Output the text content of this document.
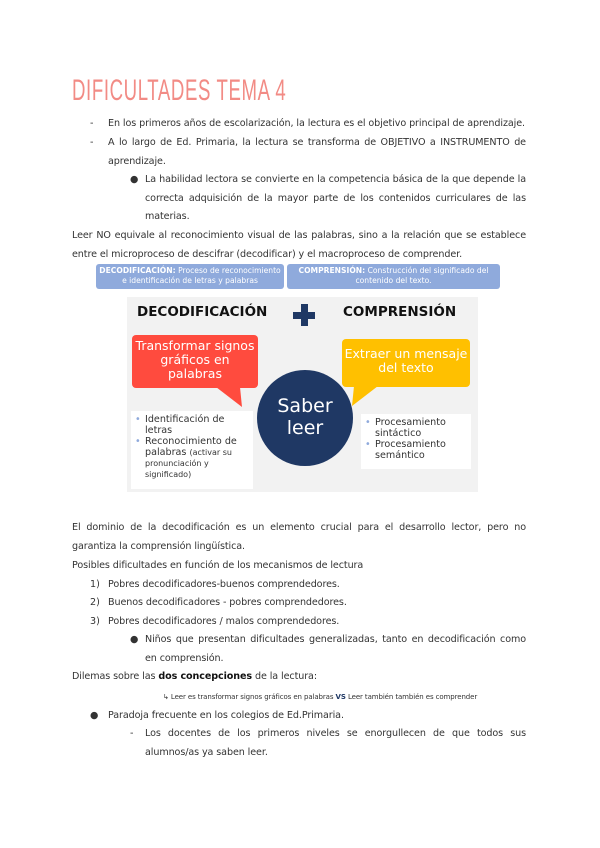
DIFICULTADES TEMA 4
- En los primeros años de escolarización, la lectura es el objetivo principal de aprendizaje.
- A lo largo de Ed. Primaria, la lectura se transforma de OBJETIVO a INSTRUMENTO de aprendizaje.
● La habilidad lectora se convierte en la competencia básica de la que depende la correcta adquisición de la mayor parte de los contenidos curriculares de las materias.
Leer NO equivale al reconocimiento visual de las palabras, sino a la relación que se establece entre el microproceso de descifrar (decodificar) y el macroproceso de comprender.
DECODIFICACIÓN: Proceso de reconocimiento e identificación de letras y palabras
COMPRENSIÓN: Construcción del significado del contenido del texto.
DECODIFICACIÓN	COMPRENSIÓN
Transformar signos gráficos en palabras
Extraer un mensaje del texto
• Identificación de letras
• Reconocimiento de palabras (activar su pronunciación y significado)
• Procesamiento sintáctico
• Procesamiento semántico
Saber leer
El dominio de la decodificación es un elemento crucial para el desarrollo lector, pero no garantiza la comprensión lingüística.
Posibles dificultades en función de los mecanismos de lectura
1) Pobres decodificadores-buenos comprendedores.
2) Buenos decodificadores - pobres comprendedores.
3) Pobres decodificadores / malos comprendedores.
● Niños que presentan dificultades generalizadas, tanto en decodificación como en comprensión.
Dilemas sobre las dos concepciones de la lectura:
↳ Leer es transformar signos gráficos en palabras VS Leer también también es comprender
● Paradoja frecuente en los colegios de Ed.Primaria.
- Los docentes de los primeros niveles se enorgullecen de que todos sus alumnos/as ya saben leer.
